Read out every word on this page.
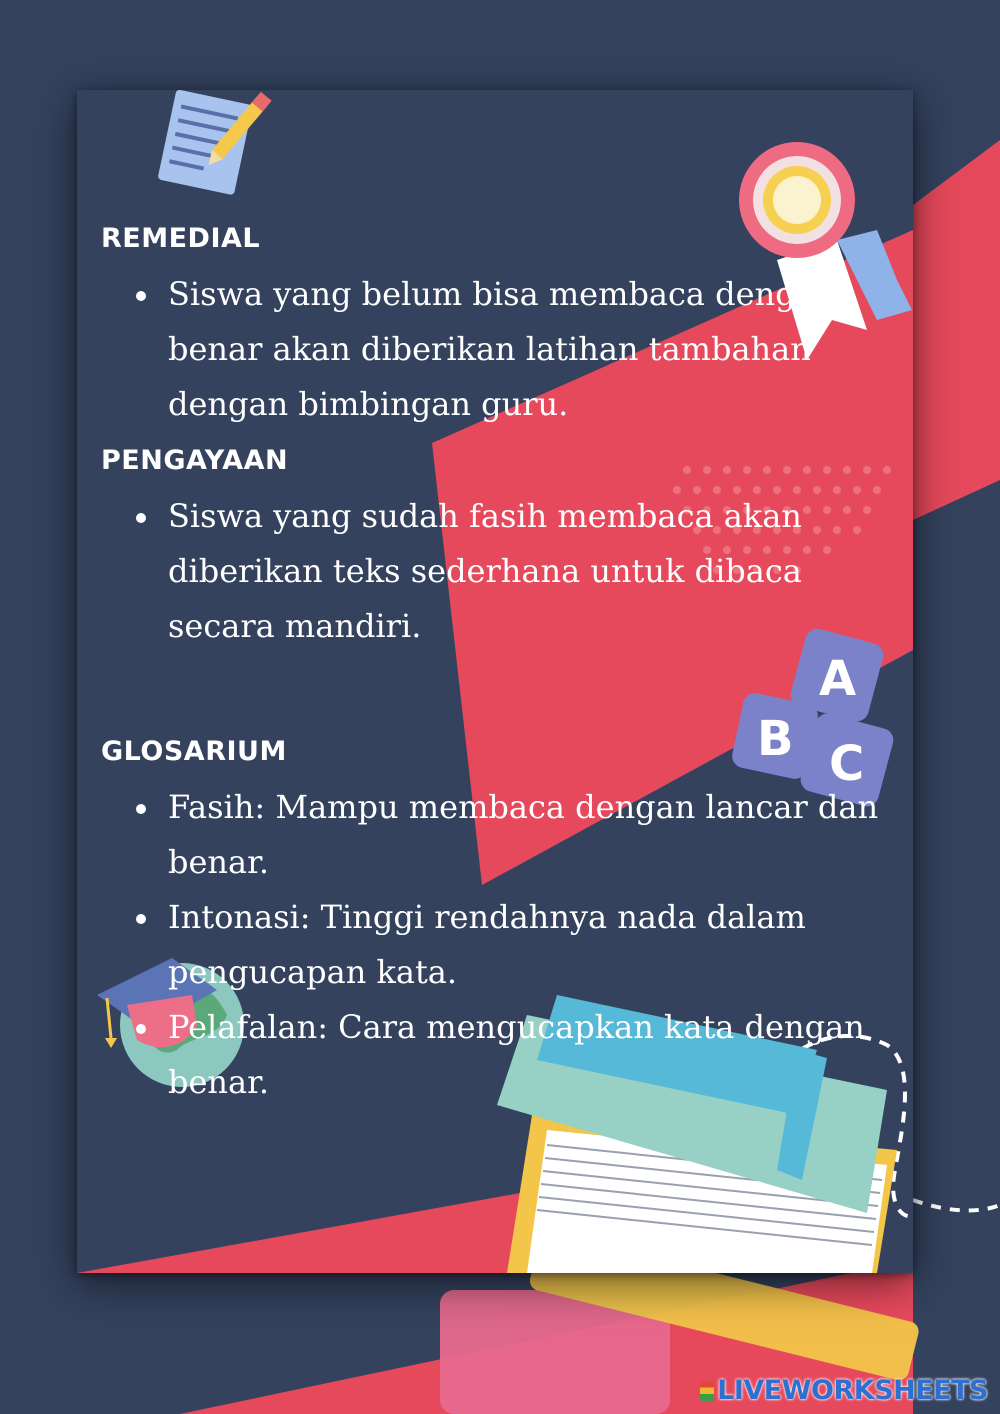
A
B C
REMEDIAL
Siswa yang belum bisa membaca dengan benar akan diberikan latihan tambahan dengan bimbingan guru.
PENGAYAAN
Siswa yang sudah fasih membaca akan diberikan teks sederhana untuk dibaca secara mandiri.
GLOSARIUM
Fasih: Mampu membaca dengan lancar dan benar.
Intonasi: Tinggi rendahnya nada dalam pengucapan kata.
Pelafalan: Cara mengucapkan kata dengan benar.
LIVEWORKSHEETS
